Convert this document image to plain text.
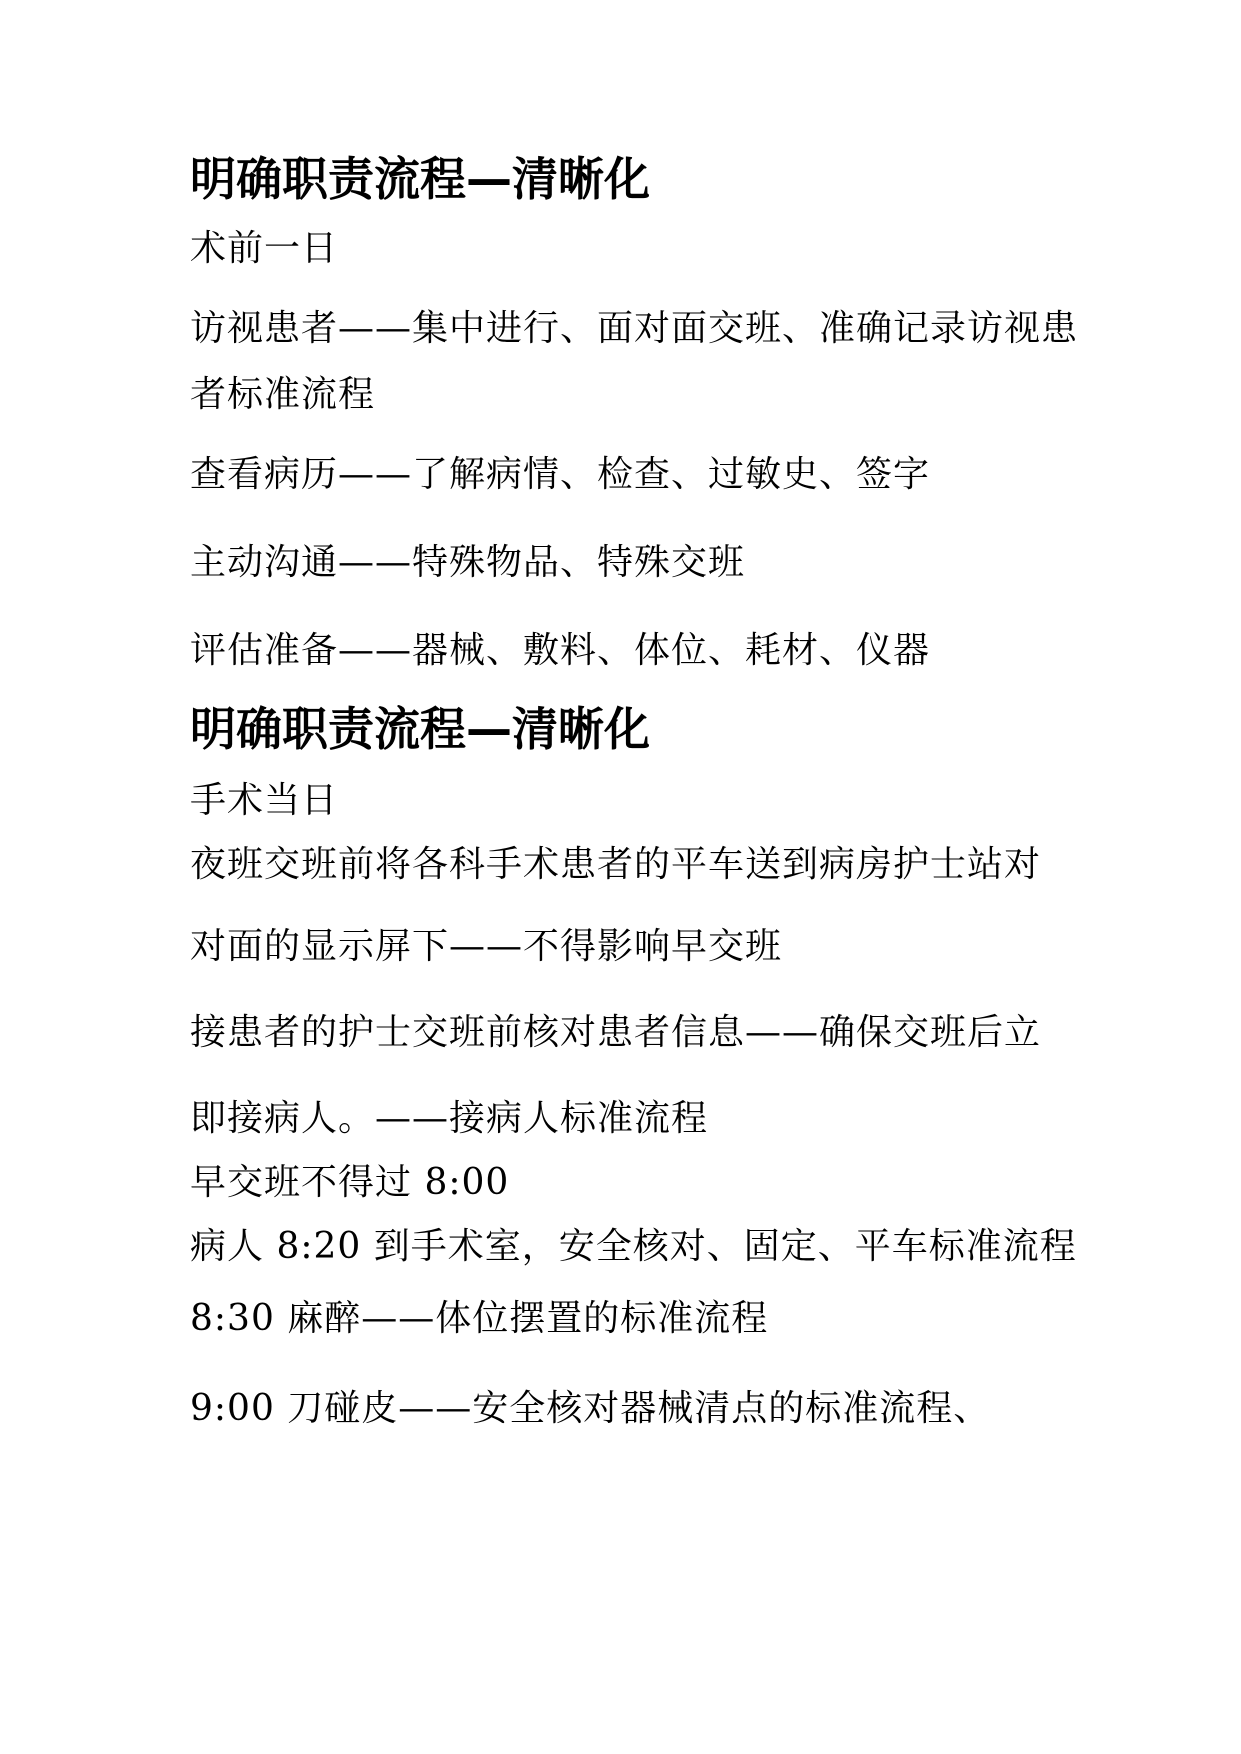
明确职责流程—清晰化
术前一日
访视患者——集中进行、面对面交班、准确记录访视患
者标准流程
查看病历——了解病情、检查、过敏史、签字
主动沟通——特殊物品、特殊交班
评估准备——器械、敷料、体位、耗材、仪器
明确职责流程—清晰化
手术当日
夜班交班前将各科手术患者的平车送到病房护士站对
对面的显示屏下——不得影响早交班
接患者的护士交班前核对患者信息——确保交班后立
即接病人。——接病人标准流程
早交班不得过 8:00
病人 8:20 到手术室，安全核对、固定、平车标准流程
8:30 麻醉——体位摆置的标准流程
9:00 刀碰皮——安全核对器械清点的标准流程、
